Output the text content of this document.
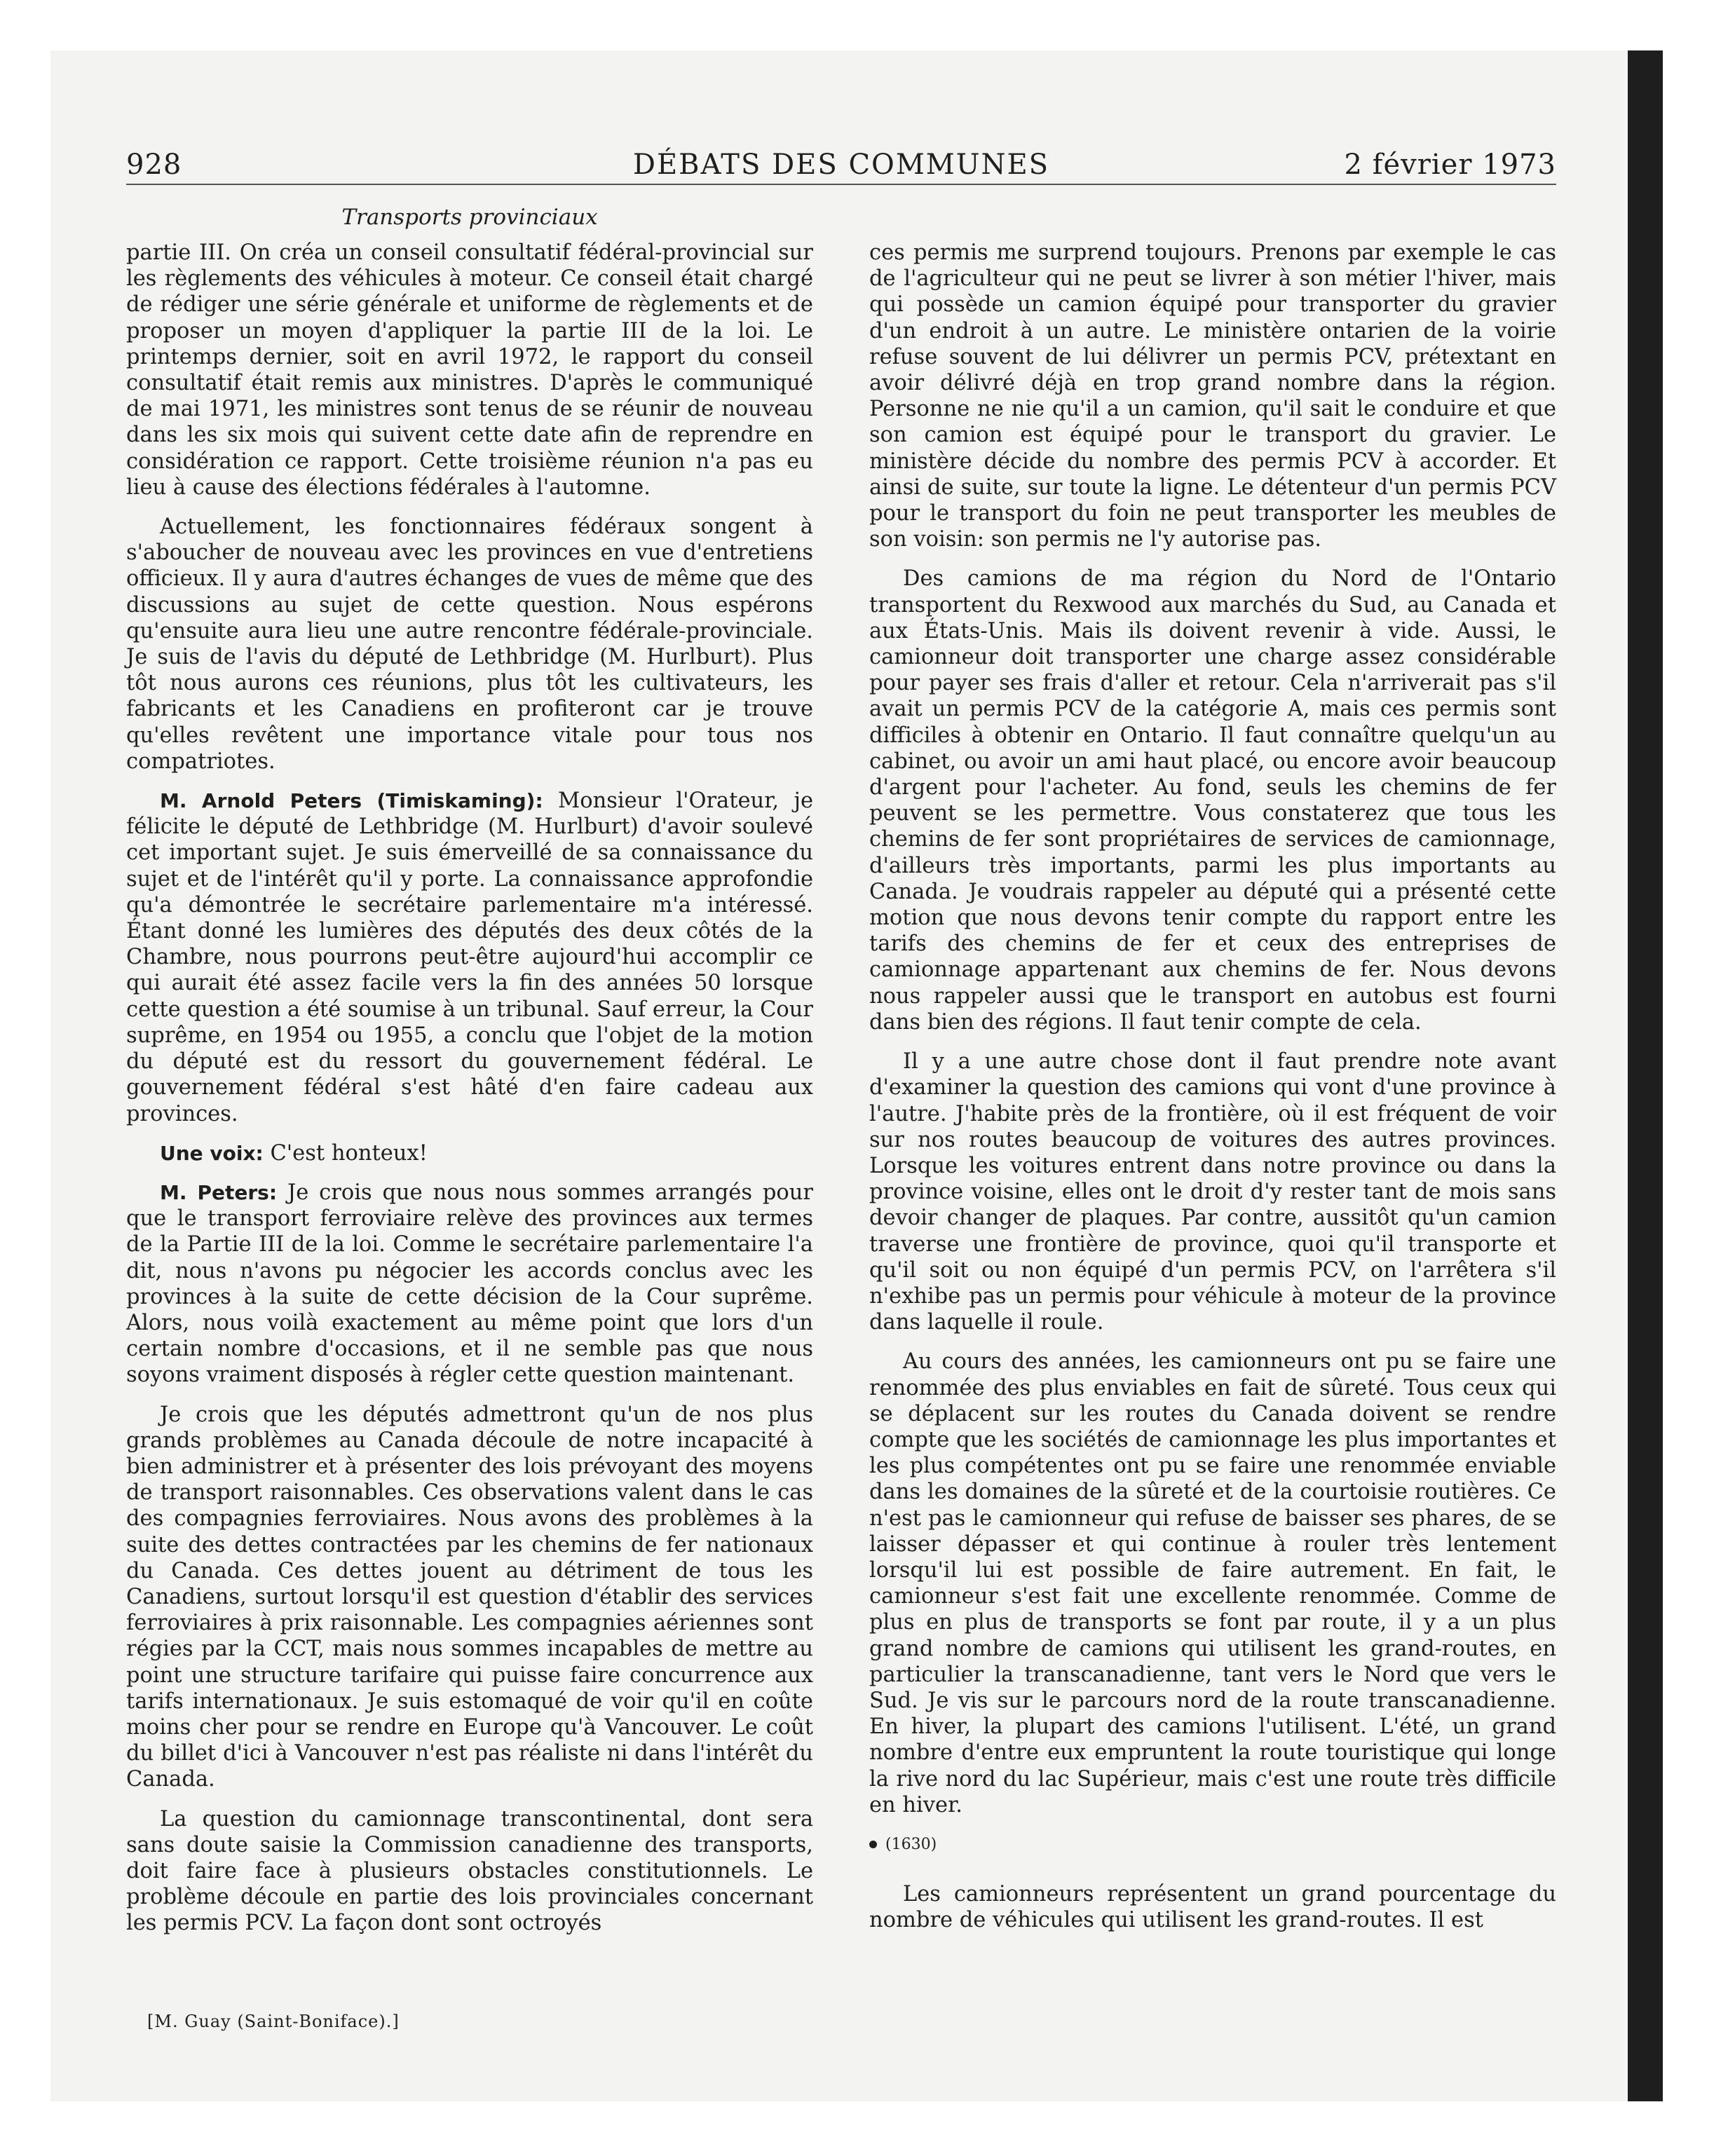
928	DÉBATS DES COMMUNES	2 février 1973
Transports provinciaux

partie III. On créa un conseil consultatif fédéral-provincial sur les règlements des véhicules à moteur. Ce conseil était chargé de rédiger une série générale et uniforme de règlements et de proposer un moyen d'appliquer la partie III de la loi. Le printemps dernier, soit en avril 1972, le rapport du conseil consultatif était remis aux ministres. D'après le communiqué de mai 1971, les ministres sont tenus de se réunir de nouveau dans les six mois qui suivent cette date afin de reprendre en considération ce rapport. Cette troisième réunion n'a pas eu lieu à cause des élections fédérales à l'automne.

Actuellement, les fonctionnaires fédéraux songent à s'aboucher de nouveau avec les provinces en vue d'entretiens officieux. Il y aura d'autres échanges de vues de même que des discussions au sujet de cette question. Nous espérons qu'ensuite aura lieu une autre rencontre fédérale-provinciale. Je suis de l'avis du député de Lethbridge (M. Hurlburt). Plus tôt nous aurons ces réunions, plus tôt les cultivateurs, les fabricants et les Canadiens en profiteront car je trouve qu'elles revêtent une importance vitale pour tous nos compatriotes.

M. Arnold Peters (Timiskaming): Monsieur l'Orateur, je félicite le député de Lethbridge (M. Hurlburt) d'avoir soulevé cet important sujet. Je suis émerveillé de sa connaissance du sujet et de l'intérêt qu'il y porte. La connaissance approfondie qu'a démontrée le secrétaire parlementaire m'a intéressé. Étant donné les lumières des députés des deux côtés de la Chambre, nous pourrons peut-être aujourd'hui accomplir ce qui aurait été assez facile vers la fin des années 50 lorsque cette question a été soumise à un tribunal. Sauf erreur, la Cour suprême, en 1954 ou 1955, a conclu que l'objet de la motion du député est du ressort du gouvernement fédéral. Le gouvernement fédéral s'est hâté d'en faire cadeau aux provinces.

Une voix: C'est honteux!

M. Peters: Je crois que nous nous sommes arrangés pour que le transport ferroviaire relève des provinces aux termes de la Partie III de la loi. Comme le secrétaire parlementaire l'a dit, nous n'avons pu négocier les accords conclus avec les provinces à la suite de cette décision de la Cour suprême. Alors, nous voilà exactement au même point que lors d'un certain nombre d'occasions, et il ne semble pas que nous soyons vraiment disposés à régler cette question maintenant.

Je crois que les députés admettront qu'un de nos plus grands problèmes au Canada découle de notre incapacité à bien administrer et à présenter des lois prévoyant des moyens de transport raisonnables. Ces observations valent dans le cas des compagnies ferroviaires. Nous avons des problèmes à la suite des dettes contractées par les chemins de fer nationaux du Canada. Ces dettes jouent au détriment de tous les Canadiens, surtout lorsqu'il est question d'établir des services ferroviaires à prix raisonnable. Les compagnies aériennes sont régies par la CCT, mais nous sommes incapables de mettre au point une structure tarifaire qui puisse faire concurrence aux tarifs internationaux. Je suis estomaqué de voir qu'il en coûte moins cher pour se rendre en Europe qu'à Vancouver. Le coût du billet d'ici à Vancouver n'est pas réaliste ni dans l'intérêt du Canada.

La question du camionnage transcontinental, dont sera sans doute saisie la Commission canadienne des transports, doit faire face à plusieurs obstacles constitutionnels. Le problème découle en partie des lois provinciales concernant les permis PCV. La façon dont sont octroyés

ces permis me surprend toujours. Prenons par exemple le cas de l'agriculteur qui ne peut se livrer à son métier l'hiver, mais qui possède un camion équipé pour transporter du gravier d'un endroit à un autre. Le ministère ontarien de la voirie refuse souvent de lui délivrer un permis PCV, prétextant en avoir délivré déjà en trop grand nombre dans la région. Personne ne nie qu'il a un camion, qu'il sait le conduire et que son camion est équipé pour le transport du gravier. Le ministère décide du nombre des permis PCV à accorder. Et ainsi de suite, sur toute la ligne. Le détenteur d'un permis PCV pour le transport du foin ne peut transporter les meubles de son voisin: son permis ne l'y autorise pas.

Des camions de ma région du Nord de l'Ontario transportent du Rexwood aux marchés du Sud, au Canada et aux États-Unis. Mais ils doivent revenir à vide. Aussi, le camionneur doit transporter une charge assez considérable pour payer ses frais d'aller et retour. Cela n'arriverait pas s'il avait un permis PCV de la catégorie A, mais ces permis sont difficiles à obtenir en Ontario. Il faut connaître quelqu'un au cabinet, ou avoir un ami haut placé, ou encore avoir beaucoup d'argent pour l'acheter. Au fond, seuls les chemins de fer peuvent se les permettre. Vous constaterez que tous les chemins de fer sont propriétaires de services de camionnage, d'ailleurs très importants, parmi les plus importants au Canada. Je voudrais rappeler au député qui a présenté cette motion que nous devons tenir compte du rapport entre les tarifs des chemins de fer et ceux des entreprises de camionnage appartenant aux chemins de fer. Nous devons nous rappeler aussi que le transport en autobus est fourni dans bien des régions. Il faut tenir compte de cela.

Il y a une autre chose dont il faut prendre note avant d'examiner la question des camions qui vont d'une province à l'autre. J'habite près de la frontière, où il est fréquent de voir sur nos routes beaucoup de voitures des autres provinces. Lorsque les voitures entrent dans notre province ou dans la province voisine, elles ont le droit d'y rester tant de mois sans devoir changer de plaques. Par contre, aussitôt qu'un camion traverse une frontière de province, quoi qu'il transporte et qu'il soit ou non équipé d'un permis PCV, on l'arrêtera s'il n'exhibe pas un permis pour véhicule à moteur de la province dans laquelle il roule.

Au cours des années, les camionneurs ont pu se faire une renommée des plus enviables en fait de sûreté. Tous ceux qui se déplacent sur les routes du Canada doivent se rendre compte que les sociétés de camionnage les plus importantes et les plus compétentes ont pu se faire une renommée enviable dans les domaines de la sûreté et de la courtoisie routières. Ce n'est pas le camionneur qui refuse de baisser ses phares, de se laisser dépasser et qui continue à rouler très lentement lorsqu'il lui est possible de faire autrement. En fait, le camionneur s'est fait une excellente renommée. Comme de plus en plus de transports se font par route, il y a un plus grand nombre de camions qui utilisent les grand-routes, en particulier la transcanadienne, tant vers le Nord que vers le Sud. Je vis sur le parcours nord de la route transcanadienne. En hiver, la plupart des camions l'utilisent. L'été, un grand nombre d'entre eux empruntent la route touristique qui longe la rive nord du lac Supérieur, mais c'est une route très difficile en hiver.

(1630)

Les camionneurs représentent un grand pourcentage du nombre de véhicules qui utilisent les grand-routes. Il est

[M. Guay (Saint-Boniface).]
